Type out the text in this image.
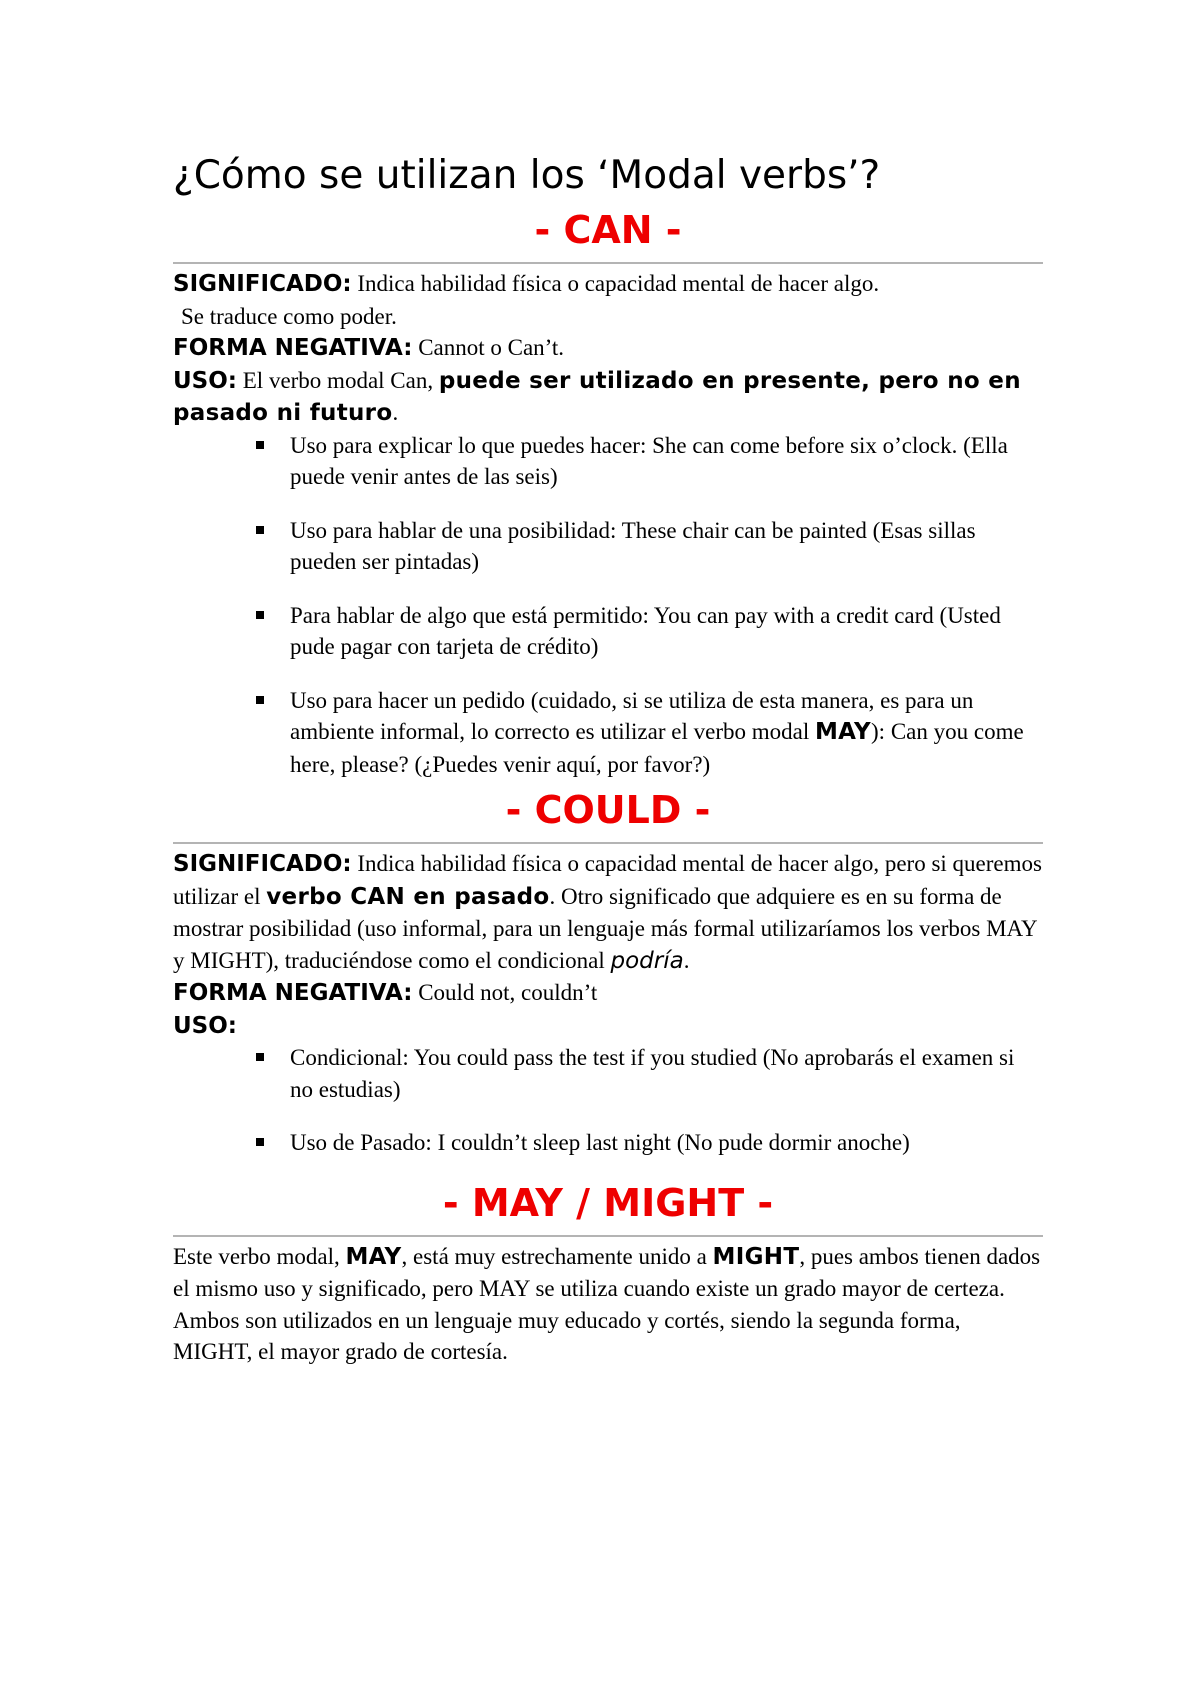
¿Cómo se utilizan los ‘Modal verbs’?
- CAN -

SIGNIFICADO: Indica habilidad física o capacidad mental de hacer algo.

Se traduce como poder.

FORMA NEGATIVA: Cannot o Can’t.

USO: El verbo modal Can, puede ser utilizado en presente, pero no en pasado ni futuro.

Uso para explicar lo que puedes hacer: She can come before six o’clock. (Ella puede venir antes de las seis)
Uso para hablar de una posibilidad: These chair can be painted (Esas sillas pueden ser pintadas)
Para hablar de algo que está permitido: You can pay with a credit card (Usted pude pagar con tarjeta de crédito)
Uso para hacer un pedido (cuidado, si se utiliza de esta manera, es para un ambiente informal, lo correcto es utilizar el verbo modal MAY): Can you come here, please? (¿Puedes venir aquí, por favor?)
- COULD -

SIGNIFICADO: Indica habilidad física o capacidad mental de hacer algo, pero si queremos utilizar el verbo CAN en pasado. Otro significado que adquiere es en su forma de mostrar posibilidad (uso informal, para un lenguaje más formal utilizaríamos los verbos MAY y MIGHT), traduciéndose como el condicional podría.

FORMA NEGATIVA: Could not, couldn’t

USO:

Condicional: You could pass the test if you studied (No aprobarás el examen si no estudias)
Uso de Pasado: I couldn’t sleep last night (No pude dormir anoche)
- MAY / MIGHT -

Este verbo modal, MAY, está muy estrechamente unido a MIGHT, pues ambos tienen dados el mismo uso y significado, pero MAY se utiliza cuando existe un grado mayor de certeza.

Ambos son utilizados en un lenguaje muy educado y cortés, siendo la segunda forma, MIGHT, el mayor grado de cortesía.
